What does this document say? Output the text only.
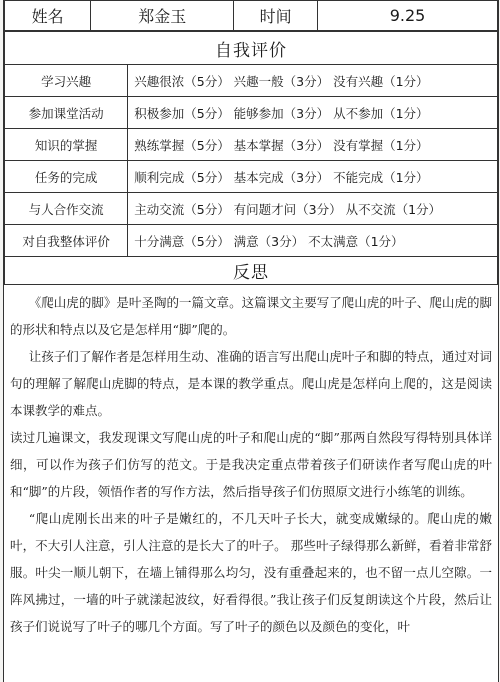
姓名	郑金玉	时间	9.25
自我评价	
学习兴趣	兴趣很浓（5分） 兴趣一般（3分） 没有兴趣（1分）
参加课堂活动	积极参加（5分） 能够参加（3分） 从不参加（1分）
知识的掌握	熟练掌握（5分） 基本掌握（3分） 没有掌握（1分）
任务的完成	顺利完成（5分） 基本完成（3分） 不能完成（1分）
与人合作交流	主动交流（5分） 有问题才问（3分） 从不交流（1分）
对自我整体评价	十分满意（5分） 满意（3分） 不太满意（1分）
反思	

《爬山虎的脚》是叶圣陶的一篇文章。这篇课文主要写了爬山虎的叶子、爬山虎的脚的形状和特点以及它是怎样用“脚”爬的。

让孩子们了解作者是怎样用生动、准确的语言写出爬山虎叶子和脚的特点，通过对词句的理解了解爬山虎脚的特点，是本课的教学重点。爬山虎是怎样向上爬的，这是阅读本课教学的难点。

读过几遍课文，我发现课文写爬山虎的叶子和爬山虎的“脚”那两自然段写得特别具体详细，可以作为孩子们仿写的范文。于是我决定重点带着孩子们研读作者写爬山虎的叶和“脚”的片段，领悟作者的写作方法，然后指导孩子们仿照原文进行小练笔的训练。

“爬山虎刚长出来的叶子是嫩红的，不几天叶子长大，就变成嫩绿的。爬山虎的嫩叶，不大引人注意，引人注意的是长大了的叶子。 那些叶子绿得那么新鲜，看着非常舒服。叶尖一顺儿朝下，在墙上铺得那么均匀，没有重叠起来的，也不留一点儿空隙。一阵风拂过，一墙的叶子就漾起波纹，好看得很。”我让孩子们反复朗读这个片段，然后让孩子们说说写了叶子的哪几个方面。写了叶子的颜色以及颜色的变化，叶
